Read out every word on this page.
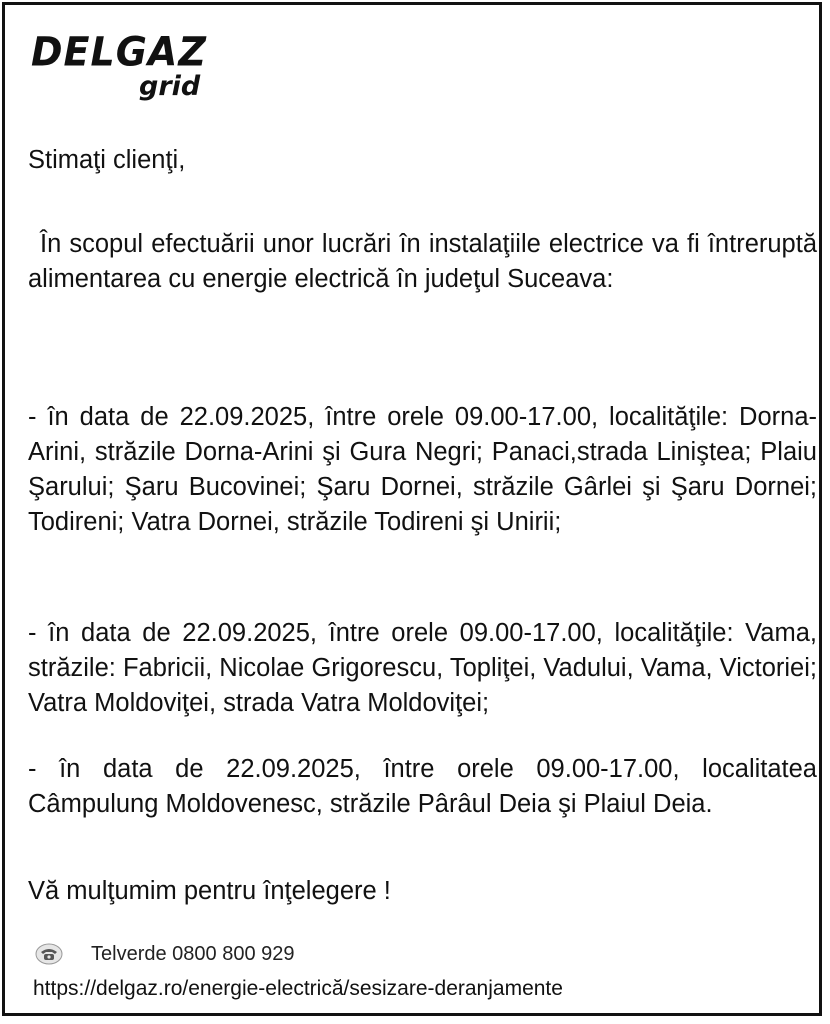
DELGAZ
grid
Stimaţi clienţi,
În scopul efectuării unor lucrări în instalaţiile electrice va fi întreruptă alimentarea cu energie electrică în judeţul Suceava:
- în data de 22.09.2025, între orele 09.00-17.00, localităţile: Dorna-Arini, străzile Dorna-Arini şi Gura Negri; Panaci,strada Liniştea; Plaiu Şarului; Şaru Bucovinei; Şaru Dornei, străzile Gârlei şi Şaru Dornei; Todireni; Vatra Dornei, străzile Todireni şi Unirii;
- în data de 22.09.2025, între orele 09.00-17.00, localităţile: Vama, străzile: Fabricii, Nicolae Grigorescu, Topliţei, Vadului, Vama, Victoriei; Vatra Moldoviţei, strada Vatra Moldoviţei;
- în data de 22.09.2025, între orele 09.00-17.00, localitatea Câmpulung Moldovenesc, străzile Pârâul Deia şi Plaiul Deia.
Vă mulţumim pentru înţelegere !
Telverde 0800 800 929
https://delgaz.ro/energie-electrică/sesizare-deranjamente
